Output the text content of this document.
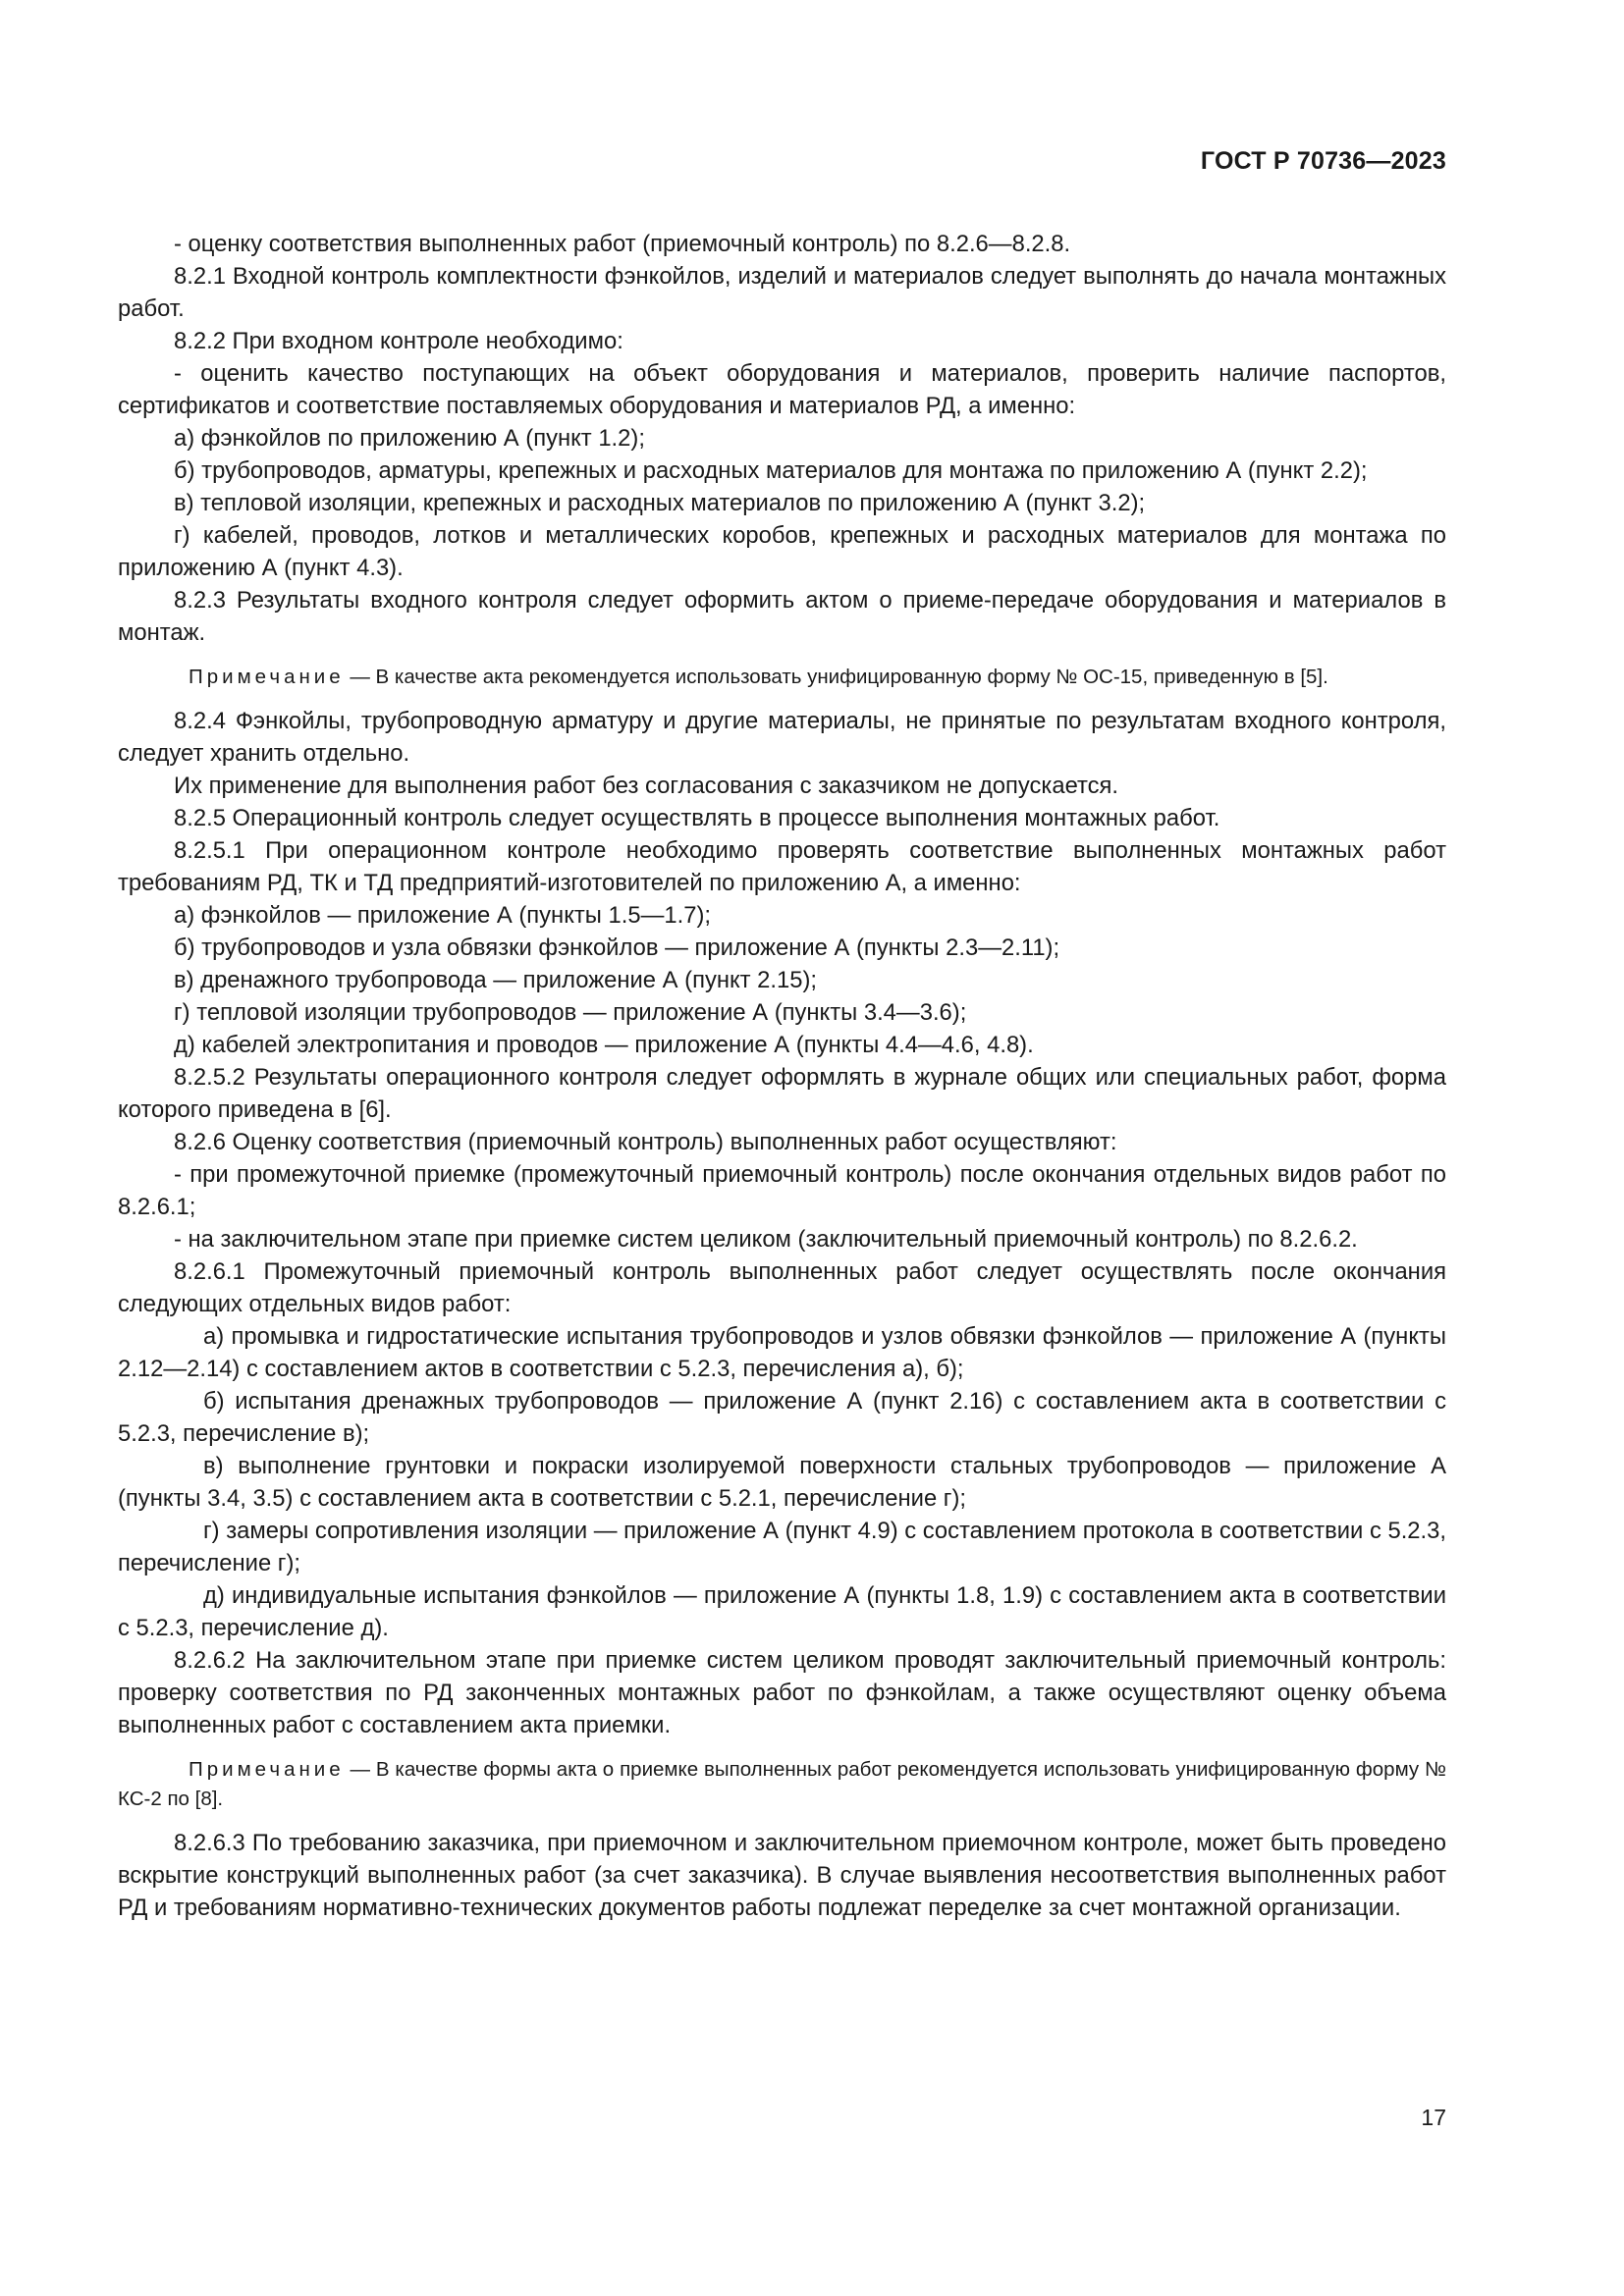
ГОСТ Р 70736—2023

- оценку соответствия выполненных работ (приемочный контроль) по 8.2.6—8.2.8.

8.2.1 Входной контроль комплектности фэнкойлов, изделий и материалов следует выполнять до начала монтажных работ.

8.2.2 При входном контроле необходимо:

- оценить качество поступающих на объект оборудования и материалов, проверить наличие паспортов, сертификатов и соответствие поставляемых оборудования и материалов РД, а именно:

а) фэнкойлов по приложению А (пункт 1.2);

б) трубопроводов, арматуры, крепежных и расходных материалов для монтажа по приложению А (пункт 2.2);

в) тепловой изоляции, крепежных и расходных материалов по приложению А (пункт 3.2);

г) кабелей, проводов, лотков и металлических коробов, крепежных и расходных материалов для монтажа по приложению А (пункт 4.3).

8.2.3 Результаты входного контроля следует оформить актом о приеме-передаче оборудования и материалов в монтаж.

Примечание — В качестве акта рекомендуется использовать унифицированную форму № ОС-15, приведенную в [5].

8.2.4 Фэнкойлы, трубопроводную арматуру и другие материалы, не принятые по результатам входного контроля, следует хранить отдельно.

Их применение для выполнения работ без согласования с заказчиком не допускается.

8.2.5 Операционный контроль следует осуществлять в процессе выполнения монтажных работ.

8.2.5.1 При операционном контроле необходимо проверять соответствие выполненных монтажных работ требованиям РД, ТК и ТД предприятий-изготовителей по приложению А, а именно:

а) фэнкойлов — приложение А (пункты 1.5—1.7);

б) трубопроводов и узла обвязки фэнкойлов — приложение А (пункты 2.3—2.11);

в) дренажного трубопровода — приложение А (пункт 2.15);

г) тепловой изоляции трубопроводов — приложение А (пункты 3.4—3.6);

д) кабелей электропитания и проводов — приложение А (пункты 4.4—4.6, 4.8).

8.2.5.2 Результаты операционного контроля следует оформлять в журнале общих или специальных работ, форма которого приведена в [6].

8.2.6 Оценку соответствия (приемочный контроль) выполненных работ осуществляют:

- при промежуточной приемке (промежуточный приемочный контроль) после окончания отдельных видов работ по 8.2.6.1;

- на заключительном этапе при приемке систем целиком (заключительный приемочный контроль) по 8.2.6.2.

8.2.6.1 Промежуточный приемочный контроль выполненных работ следует осуществлять после окончания следующих отдельных видов работ:

а) промывка и гидростатические испытания трубопроводов и узлов обвязки фэнкойлов — приложение А (пункты 2.12—2.14) с составлением актов в соответствии с 5.2.3, перечисления а), б);

б) испытания дренажных трубопроводов — приложение А (пункт 2.16) с составлением акта в соответствии с 5.2.3, перечисление в);

в) выполнение грунтовки и покраски изолируемой поверхности стальных трубопроводов — приложение А (пункты 3.4, 3.5) с составлением акта в соответствии с 5.2.1, перечисление г);

г) замеры сопротивления изоляции — приложение А (пункт 4.9) с составлением протокола в соответствии с 5.2.3, перечисление г);

д) индивидуальные испытания фэнкойлов — приложение А (пункты 1.8, 1.9) с составлением акта в соответствии с 5.2.3, перечисление д).

8.2.6.2 На заключительном этапе при приемке систем целиком проводят заключительный приемочный контроль: проверку соответствия по РД законченных монтажных работ по фэнкойлам, а также осуществляют оценку объема выполненных работ с составлением акта приемки.

Примечание — В качестве формы акта о приемке выполненных работ рекомендуется использовать унифицированную форму № КС-2 по [8].

8.2.6.3 По требованию заказчика, при приемочном и заключительном приемочном контроле, может быть проведено вскрытие конструкций выполненных работ (за счет заказчика). В случае выявления несоответствия выполненных работ РД и требованиям нормативно-технических документов работы подлежат переделке за счет монтажной организации.

17
